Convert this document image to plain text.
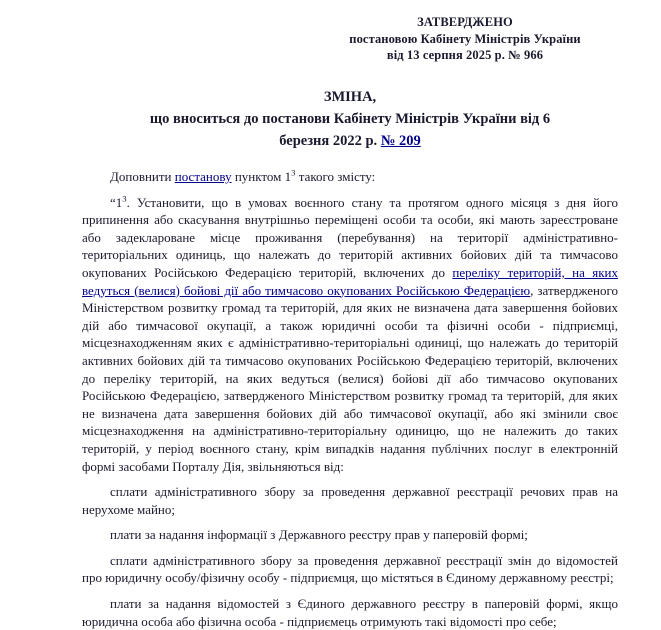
ЗАТВЕРДЖЕНО
постановою Кабінету Міністрів України
від 13 серпня 2025 р. № 966
ЗМІНА,
що вноситься до постанови Кабінету Міністрів України від 6
березня 2022 р. № 209

Доповнити постанову пунктом $1^3$ такого змісту:

“$1^3$. Установити, що в умовах воєнного стану та протягом одного місяця з дня його припинення або скасування внутрішньо переміщені особи та особи, які мають зареєстроване або задеклароване місце проживання (перебування) на території адміністративно-територіальних одиниць, що належать до територій активних бойових дій та тимчасово окупованих Російською Федерацією територій, включених до переліку територій, на яких ведуться (велися) бойові дії або тимчасово окупованих Російською Федерацією, затвердженого Міністерством розвитку громад та територій, для яких не визначена дата завершення бойових дій або тимчасової окупації, а також юридичні особи та фізичні особи - підприємці, місцезнаходженням яких є адміністративно-територіальні одиниці, що належать до територій активних бойових дій та тимчасово окупованих Російською Федерацією територій, включених до переліку територій, на яких ведуться (велися) бойові дії або тимчасово окупованих Російською Федерацією, затвердженого Міністерством розвитку громад та територій, для яких не визначена дата завершення бойових дій або тимчасової окупації, або які змінили своє місцезнаходження на адміністративно-територіальну одиницю, що не належить до таких територій, у період воєнного стану, крім випадків надання публічних послуг в електронній формі засобами Порталу Дія, звільняються від:

сплати адміністративного збору за проведення державної реєстрації речових прав на нерухоме майно;

плати за надання інформації з Державного реєстру прав у паперовій формі;

сплати адміністративного збору за проведення державної реєстрації змін до відомостей про юридичну особу/фізичну особу - підприємця, що містяться в Єдиному державному реєстрі;

плати за надання відомостей з Єдиного державного реєстру в паперовій формі, якщо юридична особа або фізична особа - підприємець отримують такі відомості про себе;
